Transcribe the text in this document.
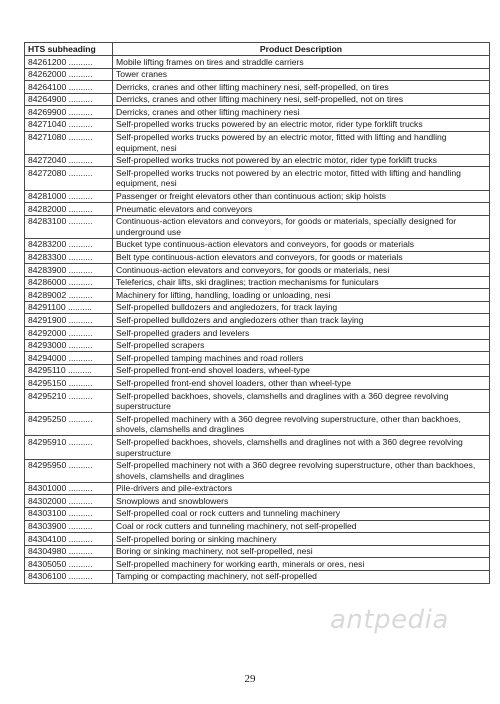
HTS subheading	Product Description
84261200 ..........	Mobile lifting frames on tires and straddle carriers
84262000 ..........	Tower cranes
84264100 ..........	Derricks, cranes and other lifting machinery nesi, self-propelled, on tires
84264900 ..........	Derricks, cranes and other lifting machinery nesi, self-propelled, not on tires
84269900 ..........	Derricks, cranes and other lifting machinery nesi
84271040 ..........	Self-propelled works trucks powered by an electric motor, rider type forklift trucks
84271080 ..........	Self-propelled works trucks powered by an electric motor, fitted with lifting and handling equipment, nesi
84272040 ..........	Self-propelled works trucks not powered by an electric motor, rider type forklift trucks
84272080 ..........	Self-propelled works trucks not powered by an electric motor, fitted with lifting and handling equipment, nesi
84281000 ..........	Passenger or freight elevators other than continuous action; skip hoists
84282000 ..........	Pneumatic elevators and conveyors
84283100 ..........	Continuous-action elevators and conveyors, for goods or materials, specially designed for underground use
84283200 ..........	Bucket type continuous-action elevators and conveyors, for goods or materials
84283300 ..........	Belt type continuous-action elevators and conveyors, for goods or materials
84283900 ..........	Continuous-action elevators and conveyors, for goods or materials, nesi
84286000 ..........	Teleferics, chair lifts, ski draglines; traction mechanisms for funiculars
84289002 ..........	Machinery for lifting, handling, loading or unloading, nesi
84291100 ..........	Self-propelled bulldozers and angledozers, for track laying
84291900 ..........	Self-propelled bulldozers and angledozers other than track laying
84292000 ..........	Self-propelled graders and levelers
84293000 ..........	Self-propelled scrapers
84294000 ..........	Self-propelled tamping machines and road rollers
84295110 ..........	Self-propelled front-end shovel loaders, wheel-type
84295150 ..........	Self-propelled front-end shovel loaders, other than wheel-type
84295210 ..........	Self-propelled backhoes, shovels, clamshells and draglines with a 360 degree revolving superstructure
84295250 ..........	Self-propelled machinery with a 360 degree revolving superstructure, other than backhoes, shovels, clamshells and draglines
84295910 ..........	Self-propelled backhoes, shovels, clamshells and draglines not with a 360 degree revolving superstructure
84295950 ..........	Self-propelled machinery not with a 360 degree revolving superstructure, other than backhoes, shovels, clamshells and draglines
84301000 ..........	Pile-drivers and pile-extractors
84302000 ..........	Snowplows and snowblowers
84303100 ..........	Self-propelled coal or rock cutters and tunneling machinery
84303900 ..........	Coal or rock cutters and tunneling machinery, not self-propelled
84304100 ..........	Self-propelled boring or sinking machinery
84304980 ..........	Boring or sinking machinery, not self-propelled, nesi
84305050 ..........	Self-propelled machinery for working earth, minerals or ores, nesi
84306100 ..........	Tamping or compacting machinery, not self-propelled
antpedia
29
